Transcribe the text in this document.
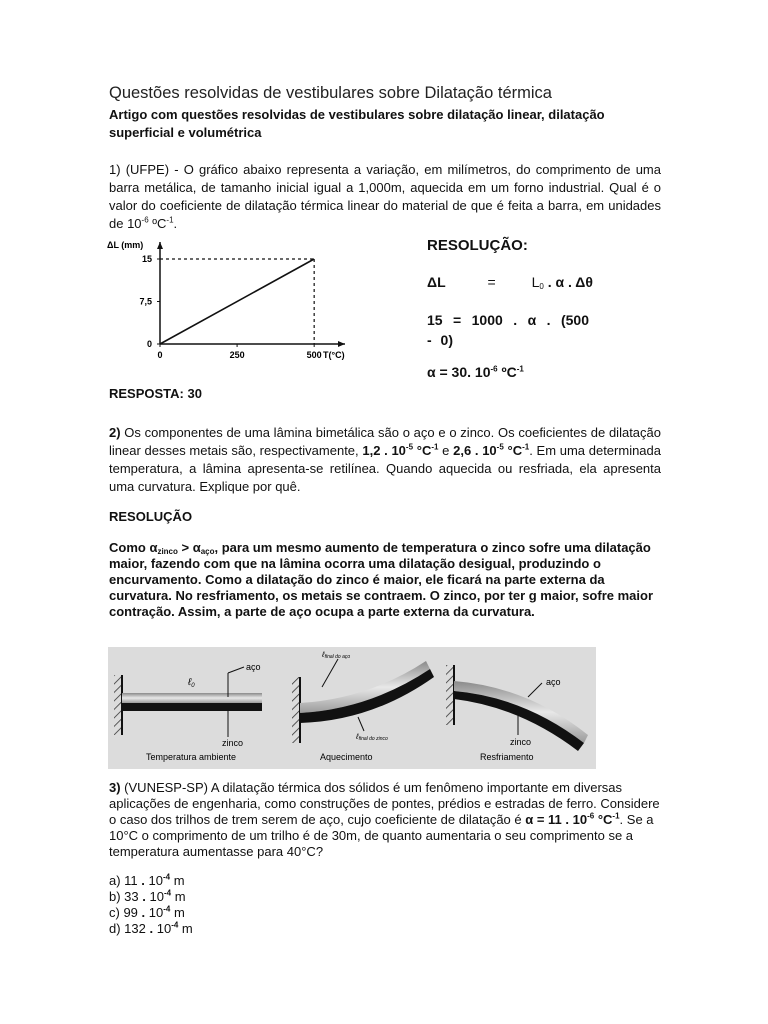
Questões resolvidas de vestibulares sobre Dilatação térmica
Artigo com questões resolvidas de vestibulares sobre dilatação linear, dilatação superficial e volumétrica
1) (UFPE) - O gráfico abaixo representa a variação, em milímetros, do comprimento de uma barra metálica, de tamanho inicial igual a 1,000m, aquecida em um forno industrial. Qual é o valor do coeficiente de dilatação térmica linear do material de que é feita a barra, em unidades de $10^{-6}$ ºC$^{-1}$.
0	250	500
0
7,5
15
T(°C)
ΔL (mm)	RESOLUÇÃO:
ΔL	=	$L_0$ . α . Δθ
15 = 1000 . α . (500 - 0)
α = 30. $10^{-6}$ ºC$^{-1}$
RESPOSTA: 30
2) Os componentes de uma lâmina bimetálica são o aço e o zinco. Os coeficientes de dilatação linear desses metais são, respectivamente, 1,2 . $10^{-5}$ $^\circ C^{-1}$ e 2,6 . $10^{-5}$ $^\circ C^{-1}$. Em uma determinada temperatura, a lâmina apresenta-se retilínea. Quando aquecida ou resfriada, ela apresenta uma curvatura. Explique por quê.
RESOLUÇÃO
Como $\alpha_{zinco} > \alpha_{aço}$, para um mesmo aumento de temperatura o zinco sofre uma dilatação maior, fazendo com que na lâmina ocorra uma dilatação desigual, produzindo o encurvamento. Como a dilatação do zinco é maior, ele ficará na parte externa da curvatura. No resfriamento, os metais se contraem. O zinco, por ter g maior, sofre maior contração. Assim, a parte de aço ocupa a parte externa da curvatura.
aço
ℓ$_0$
zinco
Temperatura ambiente
ℓfinal do aço
ℓfinal do zinco
Aquecimento
aço
zinco
Resfriamento
3) (VUNESP-SP) A dilatação térmica dos sólidos é um fenômeno importante em diversas aplicações de engenharia, como construções de pontes, prédios e estradas de ferro. Considere o caso dos trilhos de trem serem de aço, cujo coeficiente de dilatação é α = 11 . $10^{-6}$ $^\circ C^{-1}$. Se a 10°C o comprimento de um trilho é de 30m, de quanto aumentaria o seu comprimento se a temperatura aumentasse para 40°C?
a) 11 . $10^{-4}$ m
b) 33 . $10^{-4}$ m
c) 99 . $10^{-4}$ m
d) 132 . $10^{-4}$ m
